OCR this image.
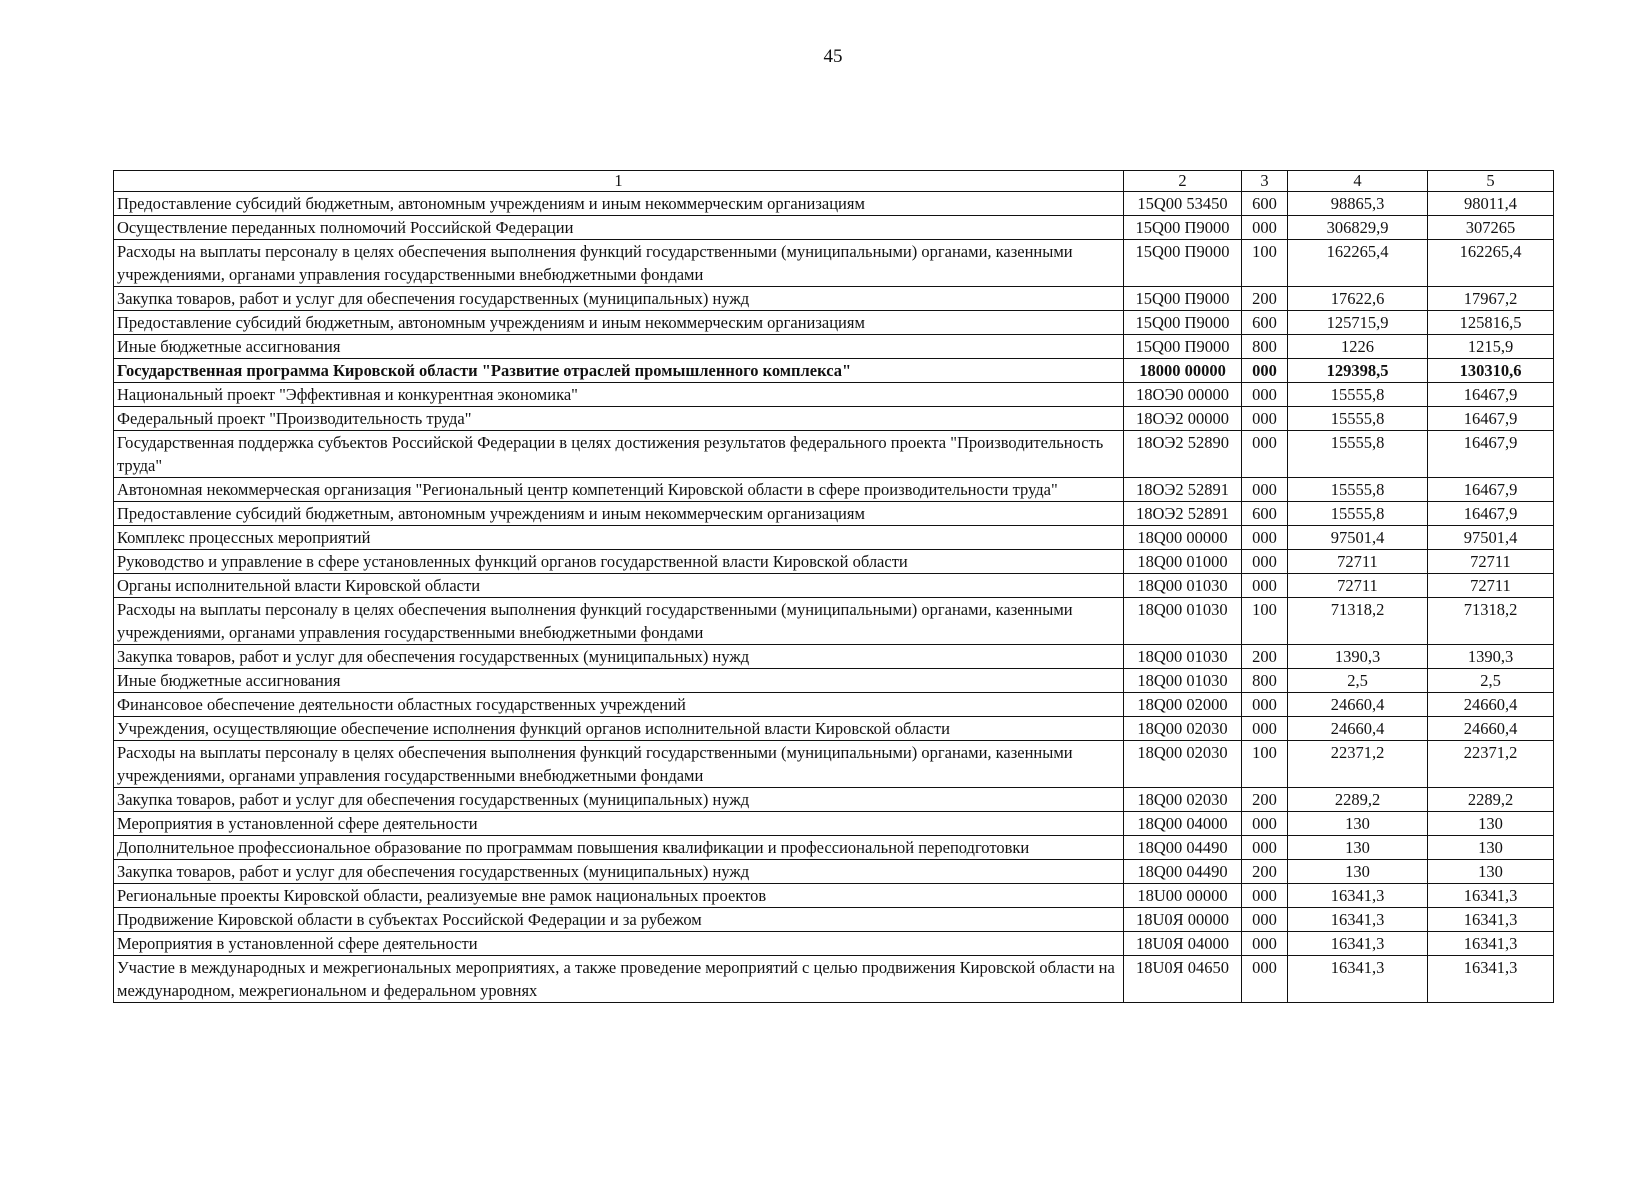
45
1	2	3	4	5
Предоставление субсидий бюджетным, автономным учреждениям и иным некоммерческим организациям	15Q00 53450	600	98865,3	98011,4
Осуществление переданных полномочий Российской Федерации	15Q00 П9000	000	306829,9	307265
Расходы на выплаты персоналу в целях обеспечения выполнения функций государственными (муниципальными) органами, казенными учреждениями, органами управления государственными внебюджетными фондами	15Q00 П9000	100	162265,4	162265,4
Закупка товаров, работ и услуг для обеспечения государственных (муниципальных) нужд	15Q00 П9000	200	17622,6	17967,2
Предоставление субсидий бюджетным, автономным учреждениям и иным некоммерческим организациям	15Q00 П9000	600	125715,9	125816,5
Иные бюджетные ассигнования	15Q00 П9000	800	1226	1215,9
Государственная программа Кировской области "Развитие отраслей промышленного комплекса"	18000 00000	000	129398,5	130310,6
Национальный проект "Эффективная и конкурентная экономика"	18ОЭ0 00000	000	15555,8	16467,9
Федеральный проект "Производительность труда"	18ОЭ2 00000	000	15555,8	16467,9
Государственная поддержка субъектов Российской Федерации в целях достижения результатов федерального проекта "Производительность труда"	18ОЭ2 52890	000	15555,8	16467,9
Автономная некоммерческая организация "Региональный центр компетенций Кировской области в сфере производительности труда"	18ОЭ2 52891	000	15555,8	16467,9
Предоставление субсидий бюджетным, автономным учреждениям и иным некоммерческим организациям	18ОЭ2 52891	600	15555,8	16467,9
Комплекс процессных мероприятий	18Q00 00000	000	97501,4	97501,4
Руководство и управление в сфере установленных функций органов государственной власти Кировской области	18Q00 01000	000	72711	72711
Органы исполнительной власти Кировской области	18Q00 01030	000	72711	72711
Расходы на выплаты персоналу в целях обеспечения выполнения функций государственными (муниципальными) органами, казенными учреждениями, органами управления государственными внебюджетными фондами	18Q00 01030	100	71318,2	71318,2
Закупка товаров, работ и услуг для обеспечения государственных (муниципальных) нужд	18Q00 01030	200	1390,3	1390,3
Иные бюджетные ассигнования	18Q00 01030	800	2,5	2,5
Финансовое обеспечение деятельности областных государственных учреждений	18Q00 02000	000	24660,4	24660,4
Учреждения, осуществляющие обеспечение исполнения функций органов исполнительной власти Кировской области	18Q00 02030	000	24660,4	24660,4
Расходы на выплаты персоналу в целях обеспечения выполнения функций государственными (муниципальными) органами, казенными учреждениями, органами управления государственными внебюджетными фондами	18Q00 02030	100	22371,2	22371,2
Закупка товаров, работ и услуг для обеспечения государственных (муниципальных) нужд	18Q00 02030	200	2289,2	2289,2
Мероприятия в установленной сфере деятельности	18Q00 04000	000	130	130
Дополнительное профессиональное образование по программам повышения квалификации и профессиональной переподготовки	18Q00 04490	000	130	130
Закупка товаров, работ и услуг для обеспечения государственных (муниципальных) нужд	18Q00 04490	200	130	130
Региональные проекты Кировской области, реализуемые вне рамок национальных проектов	18U00 00000	000	16341,3	16341,3
Продвижение Кировской области в субъектах Российской Федерации и за рубежом	18U0Я 00000	000	16341,3	16341,3
Мероприятия в установленной сфере деятельности	18U0Я 04000	000	16341,3	16341,3
Участие в международных и межрегиональных мероприятиях, а также проведение мероприятий с целью продвижения Кировской области на международном, межрегиональном и федеральном уровнях	18U0Я 04650	000	16341,3	16341,3
